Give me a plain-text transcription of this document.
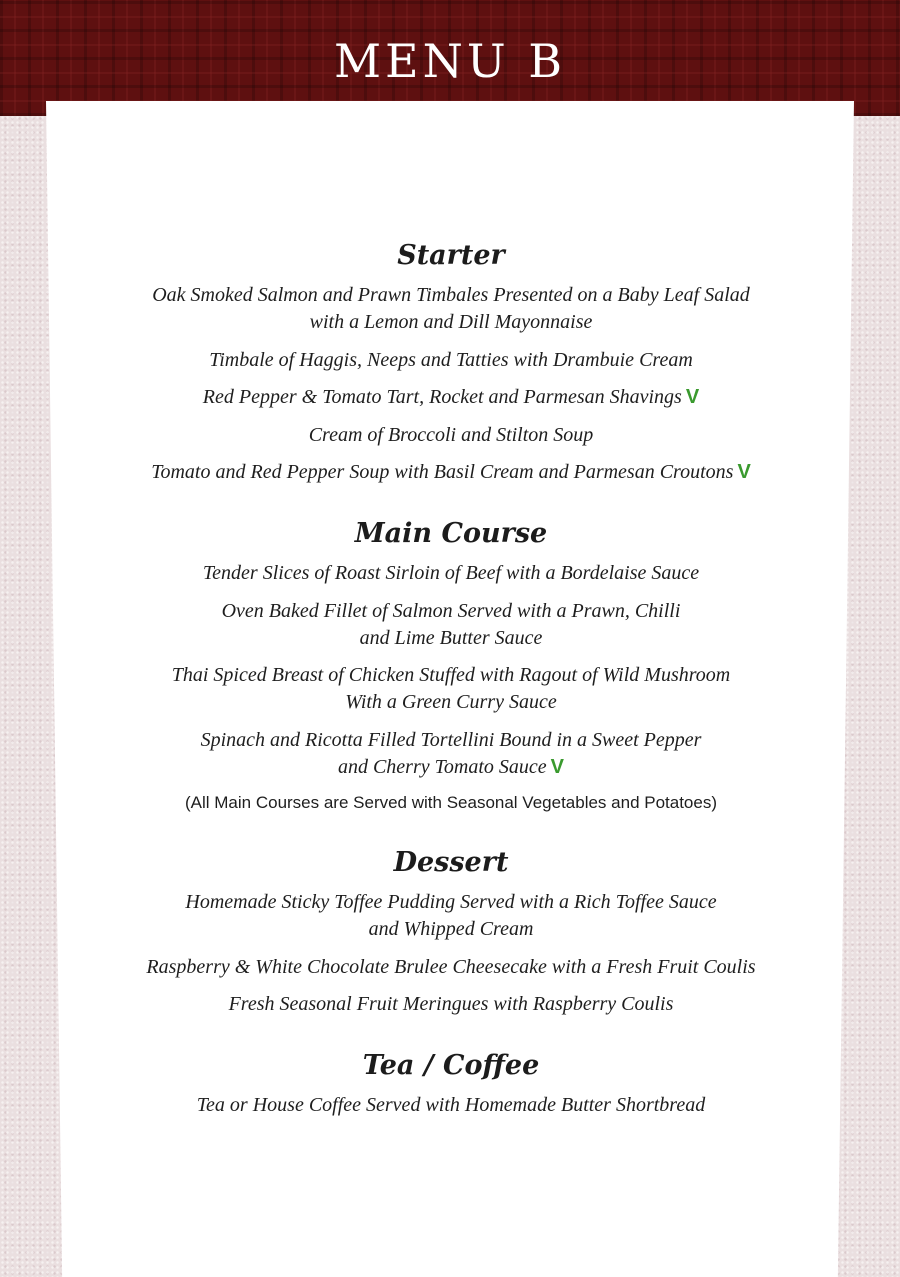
MENU B
Starter
Oak Smoked Salmon and Prawn Timbales Presented on a Baby Leaf Salad
with a Lemon and Dill Mayonnaise
Timbale of Haggis, Neeps and Tatties with Drambuie Cream
Red Pepper & Tomato Tart, Rocket and Parmesan Shavings V
Cream of Broccoli and Stilton Soup
Tomato and Red Pepper Soup with Basil Cream and Parmesan Croutons V
Main Course
Tender Slices of Roast Sirloin of Beef with a Bordelaise Sauce
Oven Baked Fillet of Salmon Served with a Prawn, Chilli
and Lime Butter Sauce
Thai Spiced Breast of Chicken Stuffed with Ragout of Wild Mushroom
With a Green Curry Sauce
Spinach and Ricotta Filled Tortellini Bound in a Sweet Pepper
and Cherry Tomato Sauce V

(All Main Courses are Served with Seasonal Vegetables and Potatoes)

Dessert
Homemade Sticky Toffee Pudding Served with a Rich Toffee Sauce
and Whipped Cream
Raspberry & White Chocolate Brulee Cheesecake with a Fresh Fruit Coulis
Fresh Seasonal Fruit Meringues with Raspberry Coulis
Tea / Coffee
Tea or House Coffee Served with Homemade Butter Shortbread
